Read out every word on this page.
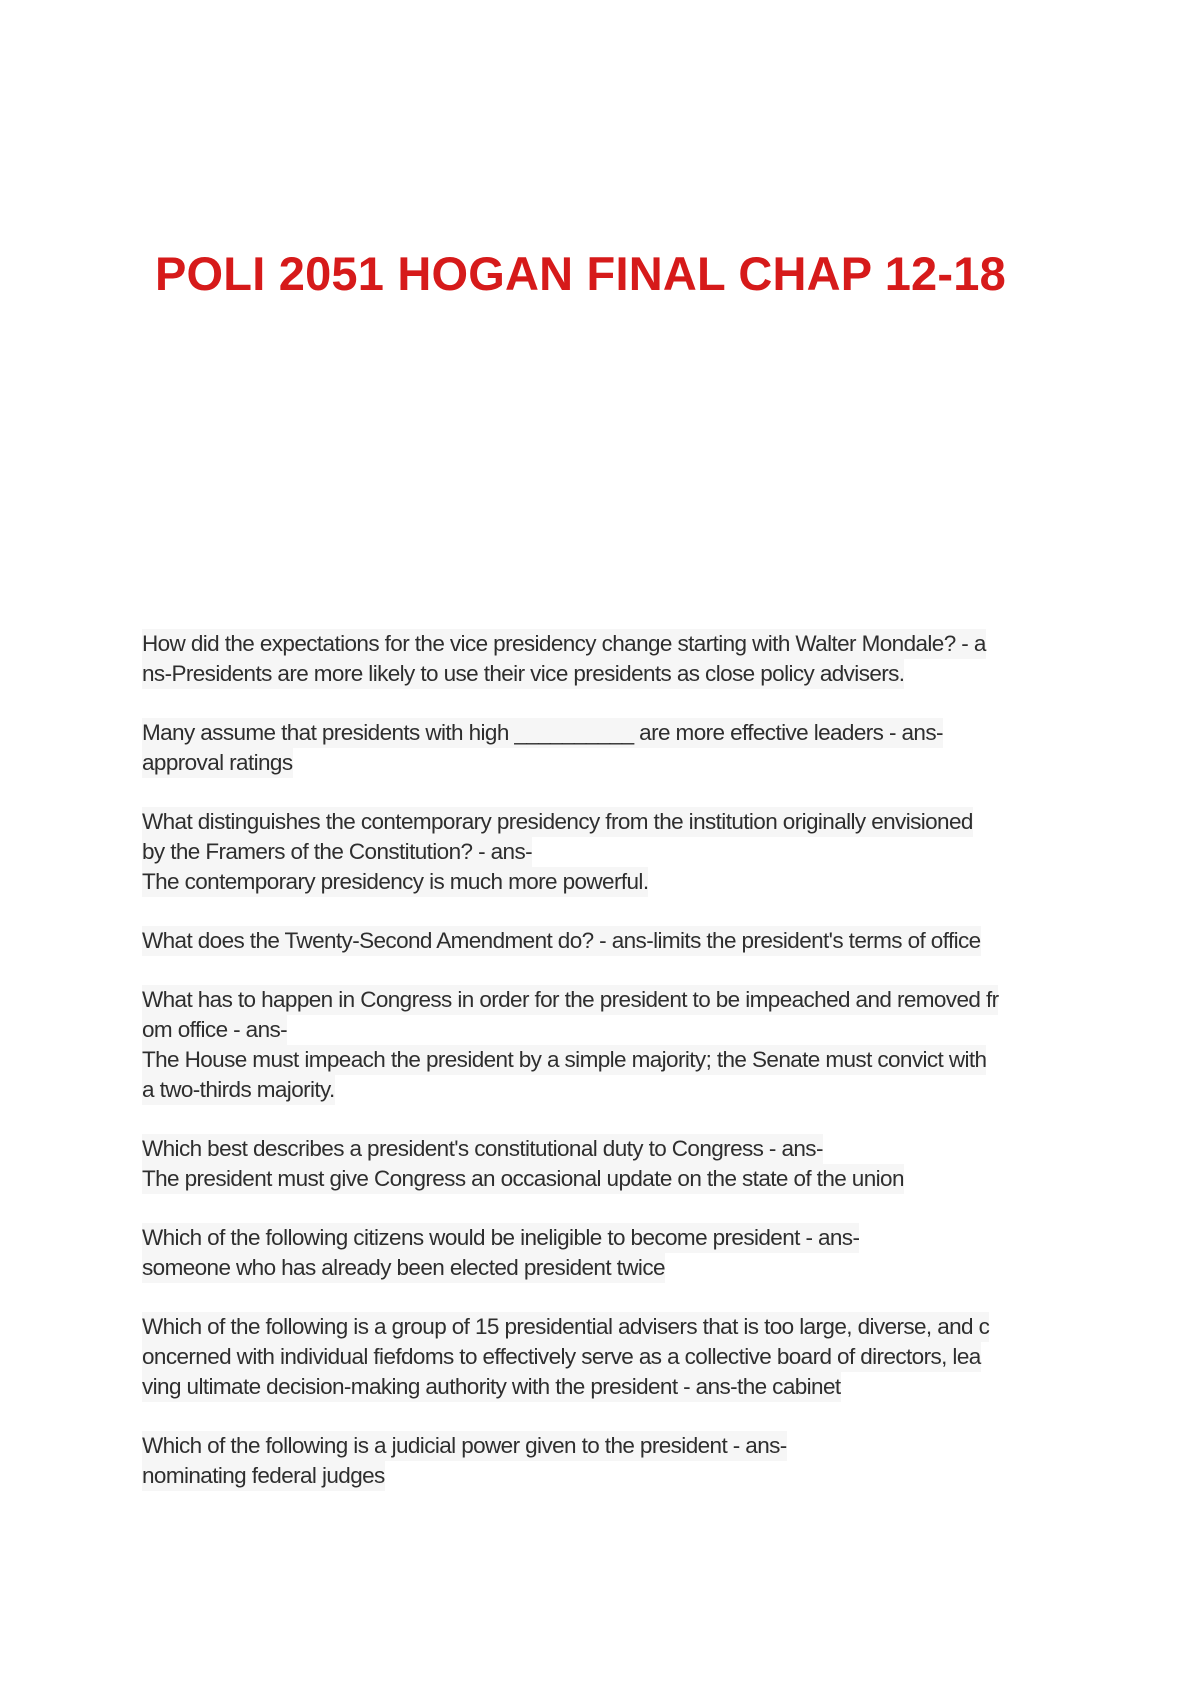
POLI 2051 HOGAN FINAL CHAP 12-18
How did the expectations for the vice presidency change starting with Walter Mondale? - a
ns-Presidents are more likely to use their vice presidents as close policy advisers.
Many assume that presidents with high __________ are more effective leaders - ans-
approval ratings
What distinguishes the contemporary presidency from the institution originally envisioned
by the Framers of the Constitution? - ans-
The contemporary presidency is much more powerful.
What does the Twenty-Second Amendment do? - ans-limits the president's terms of office
What has to happen in Congress in order for the president to be impeached and removed fr
om office - ans-
The House must impeach the president by a simple majority; the Senate must convict with
a two-thirds majority.
Which best describes a president's constitutional duty to Congress - ans-
The president must give Congress an occasional update on the state of the union
Which of the following citizens would be ineligible to become president - ans-
someone who has already been elected president twice
Which of the following is a group of 15 presidential advisers that is too large, diverse, and c
oncerned with individual fiefdoms to effectively serve as a collective board of directors, lea
ving ultimate decision-making authority with the president - ans-the cabinet
Which of the following is a judicial power given to the president - ans-
nominating federal judges
